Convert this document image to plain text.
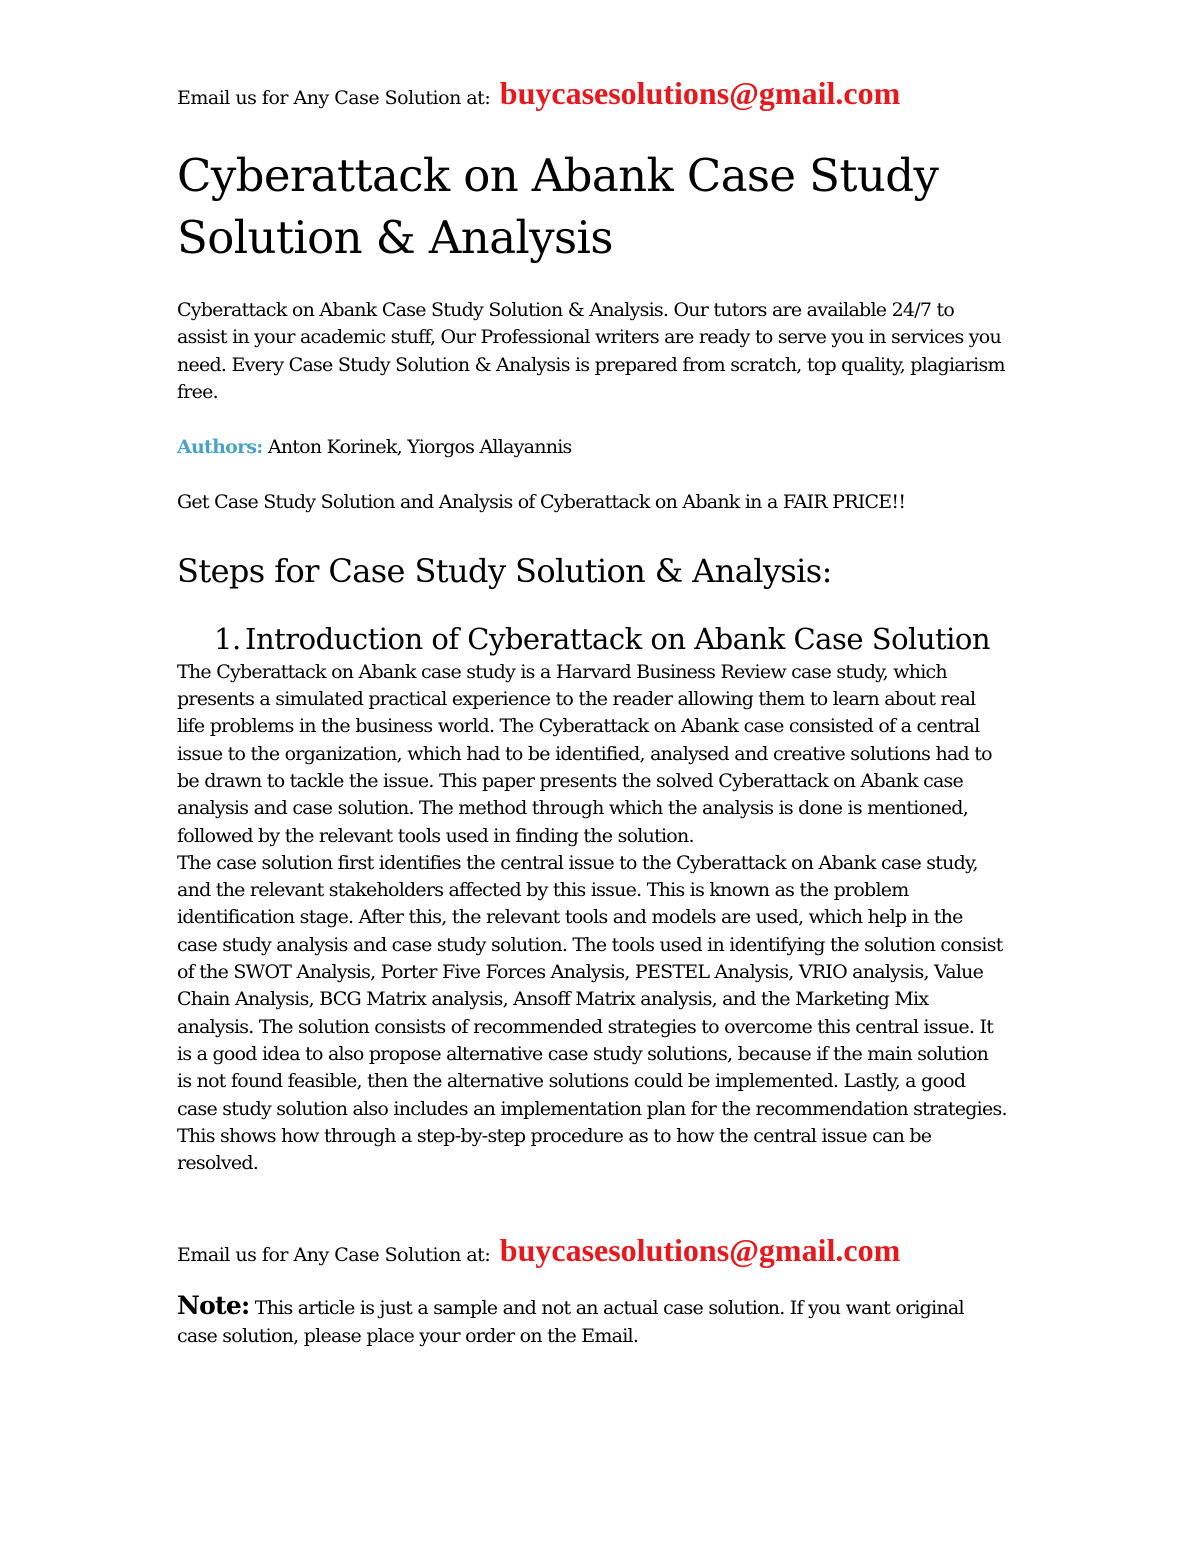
Email us for Any Case Solution at: buycasesolutions@gmail.com

Cyberattack on Abank Case Study Solution & Analysis

Cyberattack on Abank Case Study Solution & Analysis. Our tutors are available 24/7 to assist in your academic stuff, Our Professional writers are ready to serve you in services you need. Every Case Study Solution & Analysis is prepared from scratch, top quality, plagiarism free.

Authors: Anton Korinek, Yiorgos Allayannis

Get Case Study Solution and Analysis of Cyberattack on Abank in a FAIR PRICE!!

Steps for Case Study Solution & Analysis:
1. Introduction of Cyberattack on Abank Case Solution

The Cyberattack on Abank case study is a Harvard Business Review case study, which presents a simulated practical experience to the reader allowing them to learn about real life problems in the business world. The Cyberattack on Abank case consisted of a central issue to the organization, which had to be identified, analysed and creative solutions had to be drawn to tackle the issue. This paper presents the solved Cyberattack on Abank case analysis and case solution. The method through which the analysis is done is mentioned, followed by the relevant tools used in finding the solution.

The case solution first identifies the central issue to the Cyberattack on Abank case study, and the relevant stakeholders affected by this issue. This is known as the problem identification stage. After this, the relevant tools and models are used, which help in the case study analysis and case study solution. The tools used in identifying the solution consist of the SWOT Analysis, Porter Five Forces Analysis, PESTEL Analysis, VRIO analysis, Value Chain Analysis, BCG Matrix analysis, Ansoff Matrix analysis, and the Marketing Mix analysis. The solution consists of recommended strategies to overcome this central issue. It is a good idea to also propose alternative case study solutions, because if the main solution is not found feasible, then the alternative solutions could be implemented. Lastly, a good case study solution also includes an implementation plan for the recommendation strategies. This shows how through a step-by-step procedure as to how the central issue can be resolved.

Email us for Any Case Solution at: buycasesolutions@gmail.com

Note: This article is just a sample and not an actual case solution. If you want original case solution, please place your order on the Email.
